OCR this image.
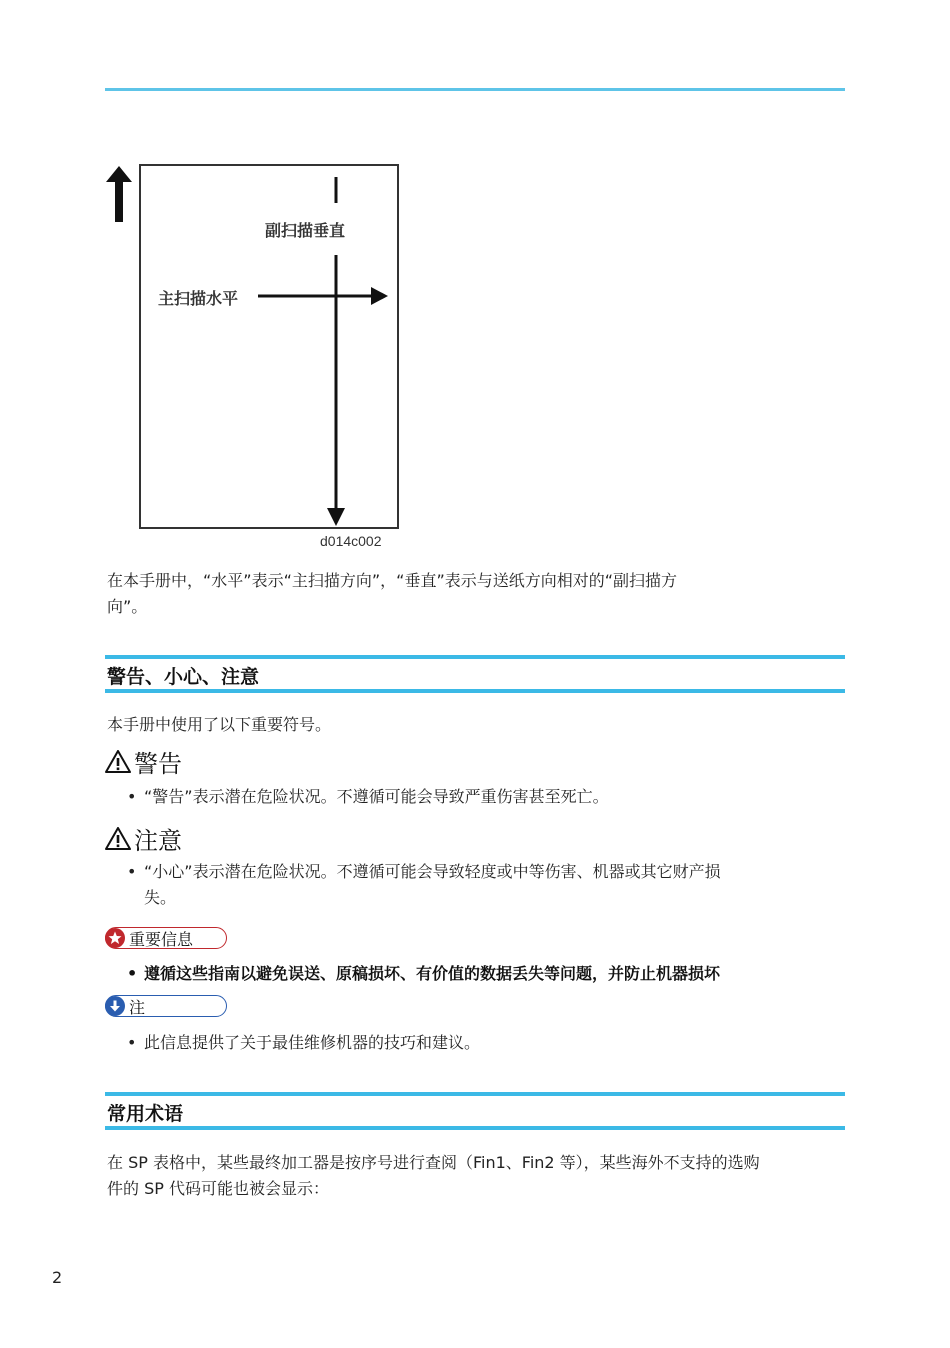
副扫描垂直
主扫描水平
d014c002

在本手册中，“水平”表示“主扫描方向”，“垂直”表示与送纸方向相对的“副扫描方
向”。

警告、小心、注意

本手册中使用了以下重要符号。

警告
• “警告”表示潜在危险状况。不遵循可能会导致严重伤害甚至死亡。
注意
• “小心”表示潜在危险状况。不遵循可能会导致轻度或中等伤害、机器或其它财产损
失。
重要信息
• 遵循这些指南以避免误送、原稿损坏、有价值的数据丢失等问题，并防止机器损坏
注
• 此信息提供了关于最佳维修机器的技巧和建议。
常用术语

在 SP 表格中，某些最终加工器是按序号进行查阅（Fin1、Fin2 等），某些海外不支持的选购
件的 SP 代码可能也被会显示：

2
